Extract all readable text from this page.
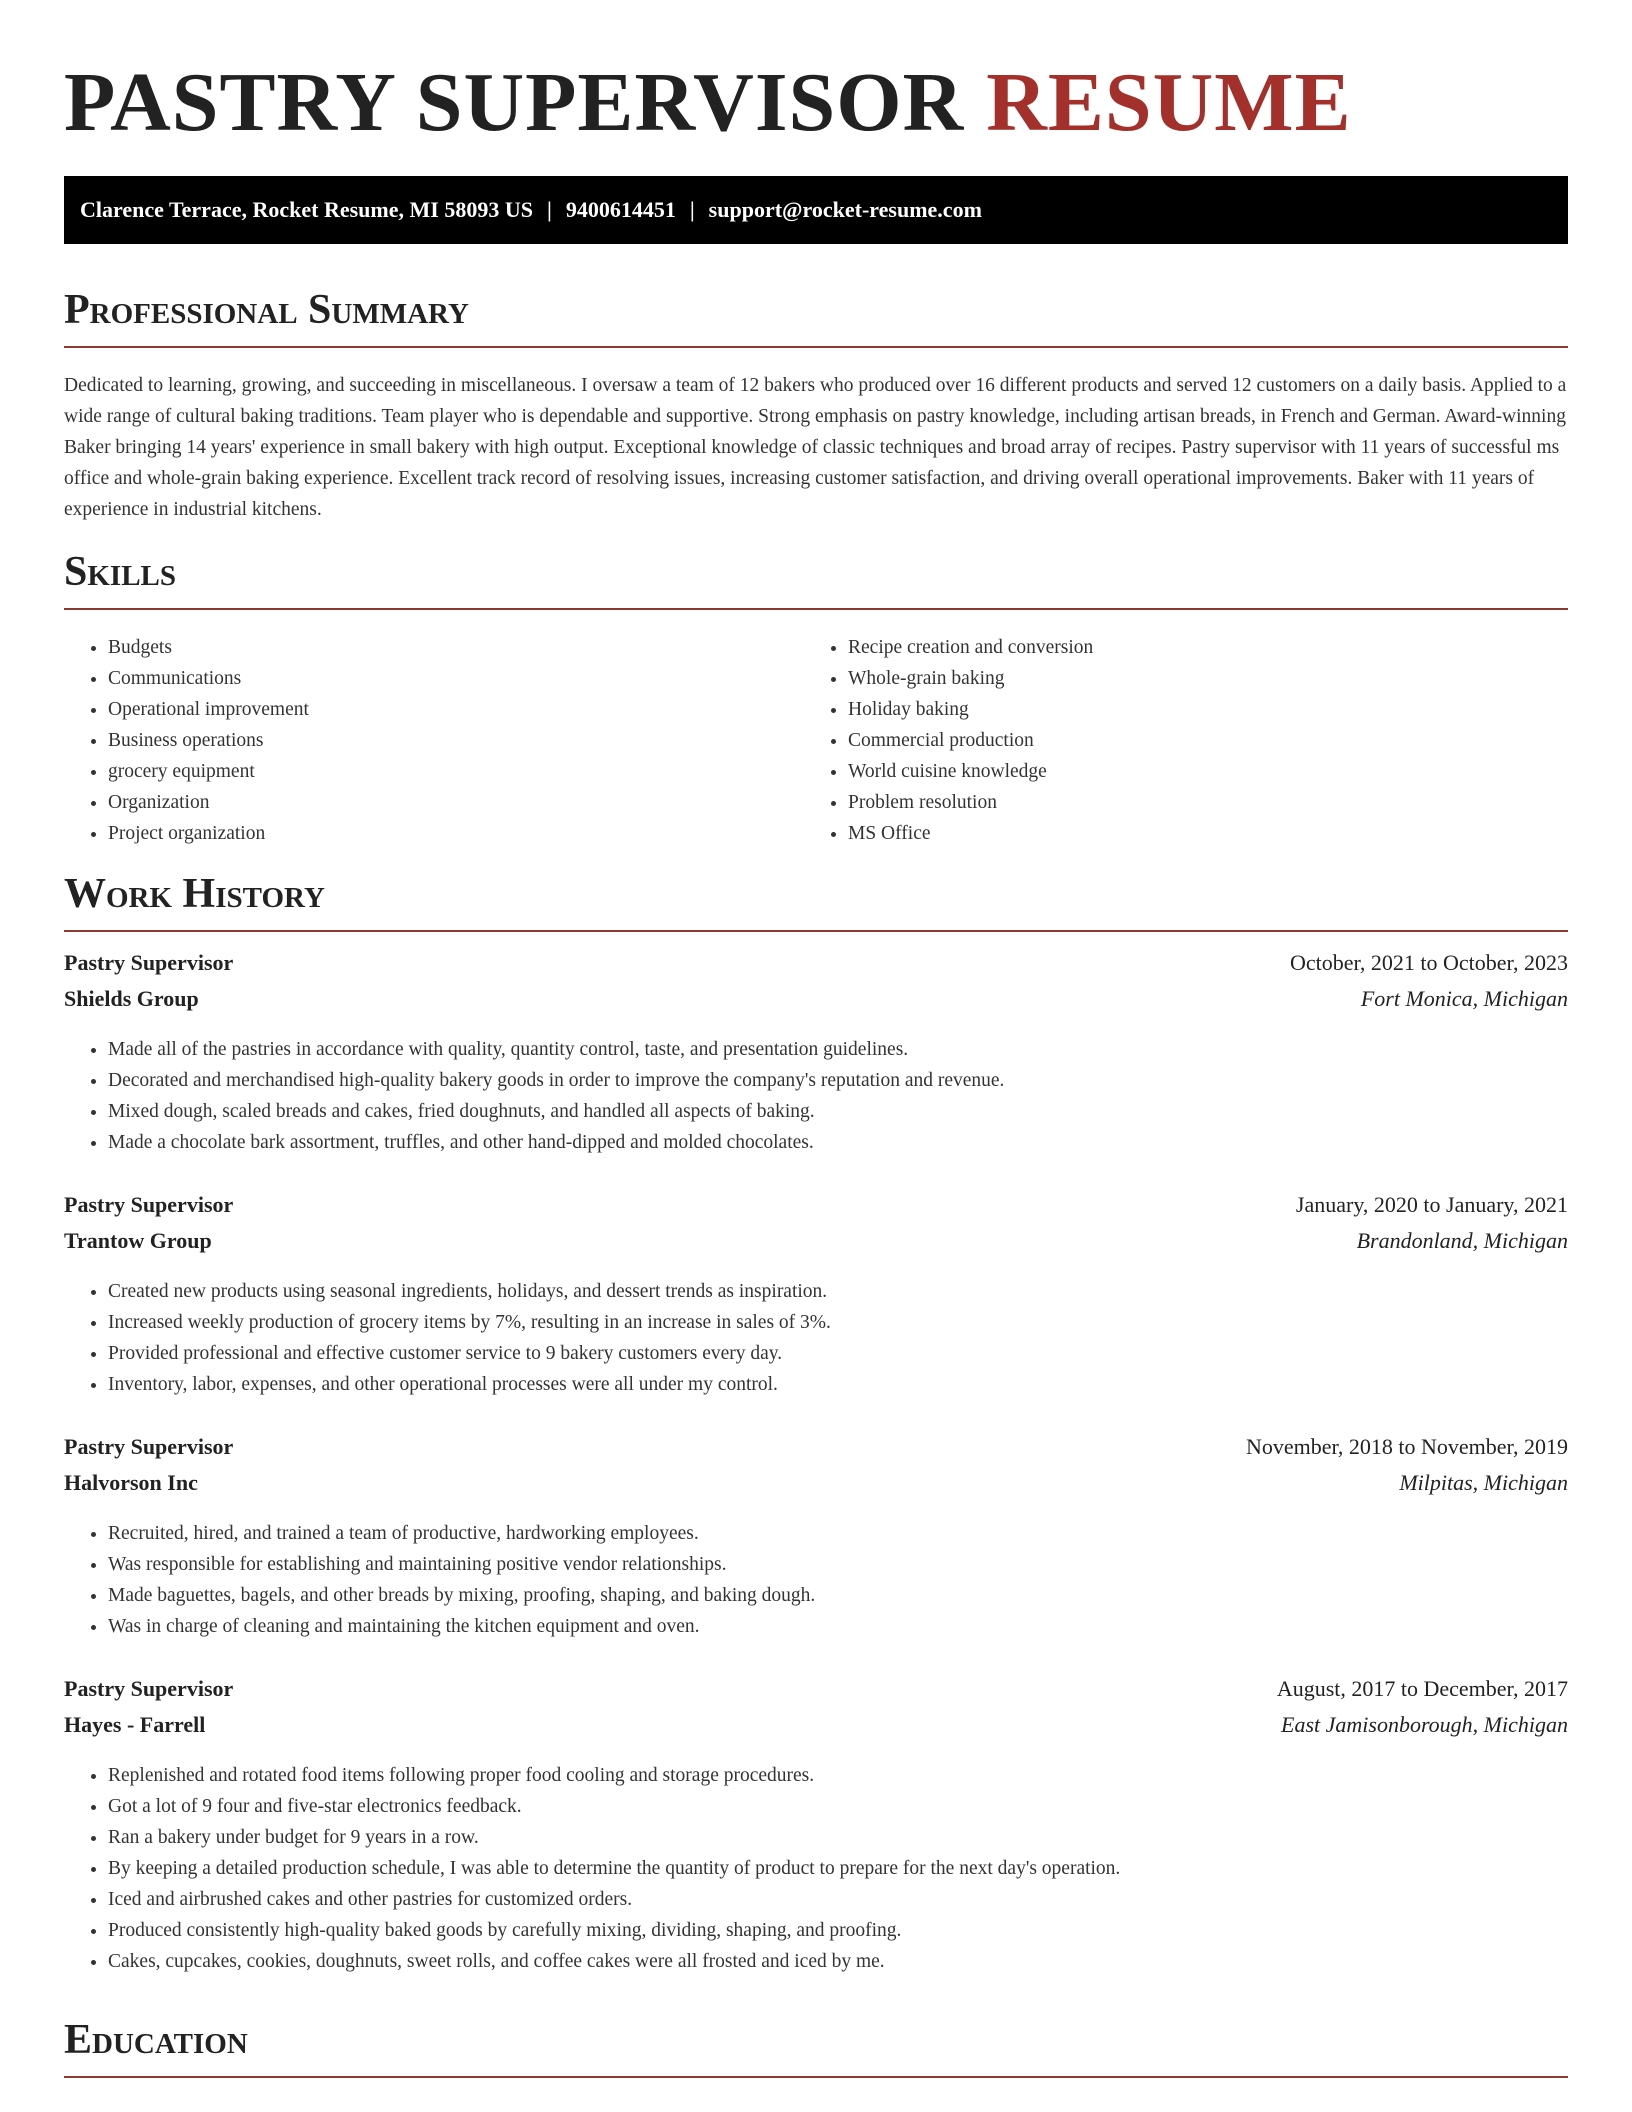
PASTRY SUPERVISOR RESUME
Clarence Terrace, Rocket Resume, MI 58093 US | 9400614451 | support@rocket-resume.com
Professional Summary

Dedicated to learning, growing, and succeeding in miscellaneous. I oversaw a team of 12 bakers who produced over 16 different products and served 12 customers on a daily basis. Applied to a wide range of cultural baking traditions. Team player who is dependable and supportive. Strong emphasis on pastry knowledge, including artisan breads, in French and German. Award-winning Baker bringing 14 years' experience in small bakery with high output. Exceptional knowledge of classic techniques and broad array of recipes. Pastry supervisor with 11 years of successful ms office and whole-grain baking experience. Excellent track record of resolving issues, increasing customer satisfaction, and driving overall operational improvements. Baker with 11 years of experience in industrial kitchens.

Skills
• Budgets
• Communications
• Operational improvement
• Business operations
• grocery equipment
• Organization
• Project organization
• Recipe creation and conversion
• Whole-grain baking
• Holiday baking
• Commercial production
• World cuisine knowledge
• Problem resolution
• MS Office
Work History
Pastry Supervisor	October, 2021 to October, 2023
Shields Group	Fort Monica, Michigan
• Made all of the pastries in accordance with quality, quantity control, taste, and presentation guidelines.
• Decorated and merchandised high-quality bakery goods in order to improve the company's reputation and revenue.
• Mixed dough, scaled breads and cakes, fried doughnuts, and handled all aspects of baking.
• Made a chocolate bark assortment, truffles, and other hand-dipped and molded chocolates.
Pastry Supervisor	January, 2020 to January, 2021
Trantow Group	Brandonland, Michigan
• Created new products using seasonal ingredients, holidays, and dessert trends as inspiration.
• Increased weekly production of grocery items by 7%, resulting in an increase in sales of 3%.
• Provided professional and effective customer service to 9 bakery customers every day.
• Inventory, labor, expenses, and other operational processes were all under my control.
Pastry Supervisor	November, 2018 to November, 2019
Halvorson Inc	Milpitas, Michigan
• Recruited, hired, and trained a team of productive, hardworking employees.
• Was responsible for establishing and maintaining positive vendor relationships.
• Made baguettes, bagels, and other breads by mixing, proofing, shaping, and baking dough.
• Was in charge of cleaning and maintaining the kitchen equipment and oven.
Pastry Supervisor	August, 2017 to December, 2017
Hayes - Farrell	East Jamisonborough, Michigan
• Replenished and rotated food items following proper food cooling and storage procedures.
• Got a lot of 9 four and five-star electronics feedback.
• Ran a bakery under budget for 9 years in a row.
• By keeping a detailed production schedule, I was able to determine the quantity of product to prepare for the next day's operation.
• Iced and airbrushed cakes and other pastries for customized orders.
• Produced consistently high-quality baked goods by carefully mixing, dividing, shaping, and proofing.
• Cakes, cupcakes, cookies, doughnuts, sweet rolls, and coffee cakes were all frosted and iced by me.
Education
